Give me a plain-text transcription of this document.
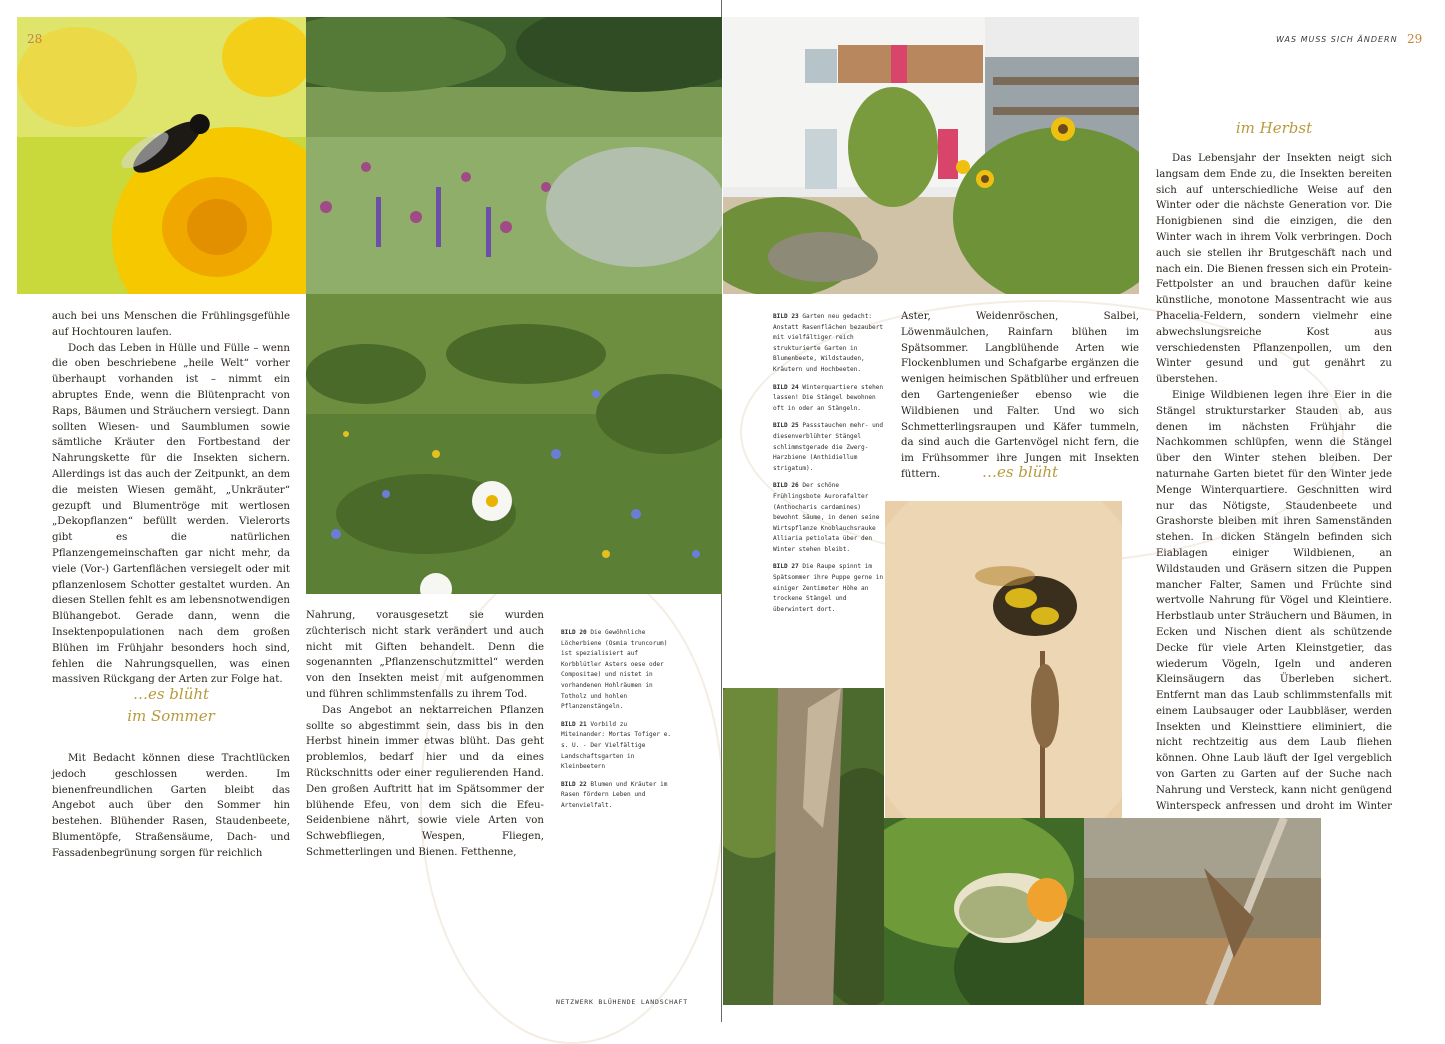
28

auch bei uns Menschen die Frühlingsgefühle auf Hochtouren laufen.

Doch das Leben in Hülle und Fülle – wenn die oben beschriebene „heile Welt“ vorher überhaupt vorhanden ist – nimmt ein abruptes Ende, wenn die Blütenpracht von Raps, Bäumen und Sträuchern versiegt. Dann sollten Wiesen- und Saumblumen sowie sämtliche Kräuter den Fortbestand der Nahrungskette für die Insekten sichern. Allerdings ist das auch der Zeitpunkt, an dem die meisten Wiesen gemäht, „Unkräuter“ gezupft und Blumentröge mit wertlosen „Dekopflanzen“ befüllt werden. Vielerorts gibt es die natürlichen Pflanzengemeinschaften gar nicht mehr, da viele (Vor-) Gartenflächen versiegelt oder mit pflanzenlosem Schotter gestaltet wurden. An diesen Stellen fehlt es am lebensnotwendigen Blühangebot. Gerade dann, wenn die Insektenpopulationen nach dem großen Blühen im Frühjahr besonders hoch sind, fehlen die Nahrungsquellen, was einen massiven Rückgang der Arten zur Folge hat.

…es blüht
im Sommer

Mit Bedacht können diese Trachtlücken jedoch geschlossen werden. Im bienenfreundlichen Garten bleibt das Angebot auch über den Sommer hin bestehen. Blühender Rasen, Staudenbeete, Blumentöpfe, Straßensäume, Dach- und Fassadenbegrünung sorgen für reichlich

Nahrung, vorausgesetzt sie wurden züchterisch nicht stark verändert und auch nicht mit Giften behandelt. Denn die sogenannten „Pflanzenschutzmittel“ werden von den Insekten meist mit aufgenommen und führen schlimmstenfalls zu ihrem Tod.

Das Angebot an nektarreichen Pflanzen sollte so abgestimmt sein, dass bis in den Herbst hinein immer etwas blüht. Das geht problemlos, bedarf hier und da eines Rückschnitts oder einer regulierenden Hand. Den großen Auftritt hat im Spätsommer der blühende Efeu, von dem sich die Efeu-Seidenbiene nährt, sowie viele Arten von Schwebfliegen, Wespen, Fliegen, Schmetterlingen und Bienen. Fetthenne,

BILD 20 Die Gewöhnliche Löcherbiene (Osmia truncorum) ist spezialisiert auf Korbblütler Asters oese oder Compositae) und nistet in vorhandenen Hohlräumen in Totholz und hohlen Pflanzenstängeln.

BILD 21 Vorbild zu Miteinander: Mortas Tofiger e. s. U. - Der Vielfältige Landschaftsgarten in Kleinbeetern

BILD 22 Blumen und Kräuter im Rasen fördern Leben und Artenvielfalt.

NETZWERK BLÜHENDE LANDSCHAFT
WAS MUSS SICH ÄNDERN 29
im Herbst

Das Lebensjahr der Insekten neigt sich langsam dem Ende zu, die Insekten bereiten sich auf unterschiedliche Weise auf den Winter oder die nächste Generation vor. Die Honigbienen sind die einzigen, die den Winter wach in ihrem Volk verbringen. Doch auch sie stellen ihr Brutgeschäft nach und nach ein. Die Bienen fressen sich ein Protein-Fettpolster an und brauchen dafür keine künstliche, monotone Massentracht wie aus Phacelia-Feldern, sondern vielmehr eine abwechslungsreiche Kost aus verschiedensten Pflanzenpollen, um den Winter gesund und gut genährt zu überstehen.

Einige Wildbienen legen ihre Eier in die Stängel strukturstarker Stauden ab, aus denen im nächsten Frühjahr die Nachkommen schlüpfen, wenn die Stängel über den Winter stehen bleiben. Der naturnahe Garten bietet für den Winter jede Menge Winterquartiere. Geschnitten wird nur das Nötigste, Staudenbeete und Grashorste bleiben mit ihren Samenständen stehen. In dicken Stängeln befinden sich Eiablagen einiger Wildbienen, an Wildstauden und Gräsern sitzen die Puppen mancher Falter, Samen und Früchte sind wertvolle Nahrung für Vögel und Kleintiere. Herbstlaub unter Sträuchern und Bäumen, in Ecken und Nischen dient als schützende Decke für viele Arten Kleinstgetier, das wiederum Vögeln, Igeln und anderen Kleinsäugern das Überleben sichert. Entfernt man das Laub schlimmstenfalls mit einem Laubsauger oder Laubbläser, werden Insekten und Kleinsttiere eliminiert, die nicht rechtzeitig aus dem Laub fliehen können. Ohne Laub läuft der Igel vergeblich von Garten zu Garten auf der Suche nach Nahrung und Versteck, kann nicht genügend Winterspeck anfressen und droht im Winter

BILD 23 Garten neu gedacht: Anstatt Rasenflächen bezaubert mit vielfältiger reich strukturierte Garten in Blumenbeete, Wildstauden, Kräutern und Hochbeeten.

BILD 24 Winterquartiere stehen lassen! Die Stängel bewohnen oft in oder an Stängeln.

BILD 25 Passstauchen mehr- und diesenverblühter Stängel schlimmstgerade die Zwerg-Harzbiene (Anthidiellum strigatum).

BILD 26 Der schöne Frühlingsbote Aurorafalter (Anthocharis cardamines) bewohnt Säume, in denen seine Wirtspflanze Knoblauchsrauke Alliaria petiolata über den Winter stehen bleibt.

BILD 27 Die Raupe spinnt im Spätsommer ihre Puppe gerne in einiger Zentimeter Höhe an trockene Stängel und überwintert dort.

Aster, Weidenröschen, Salbei, Löwenmäulchen, Rainfarn blühen im Spätsommer. Langblühende Arten wie Flockenblumen und Schafgarbe ergänzen die wenigen heimischen Spätblüher und erfreuen den Gartengenießer ebenso wie die Wildbienen und Falter. Und wo sich Schmetterlingsraupen und Käfer tummeln, da sind auch die Gartenvögel nicht fern, die im Frühsommer ihre Jungen mit Insekten füttern.	…es blüht
